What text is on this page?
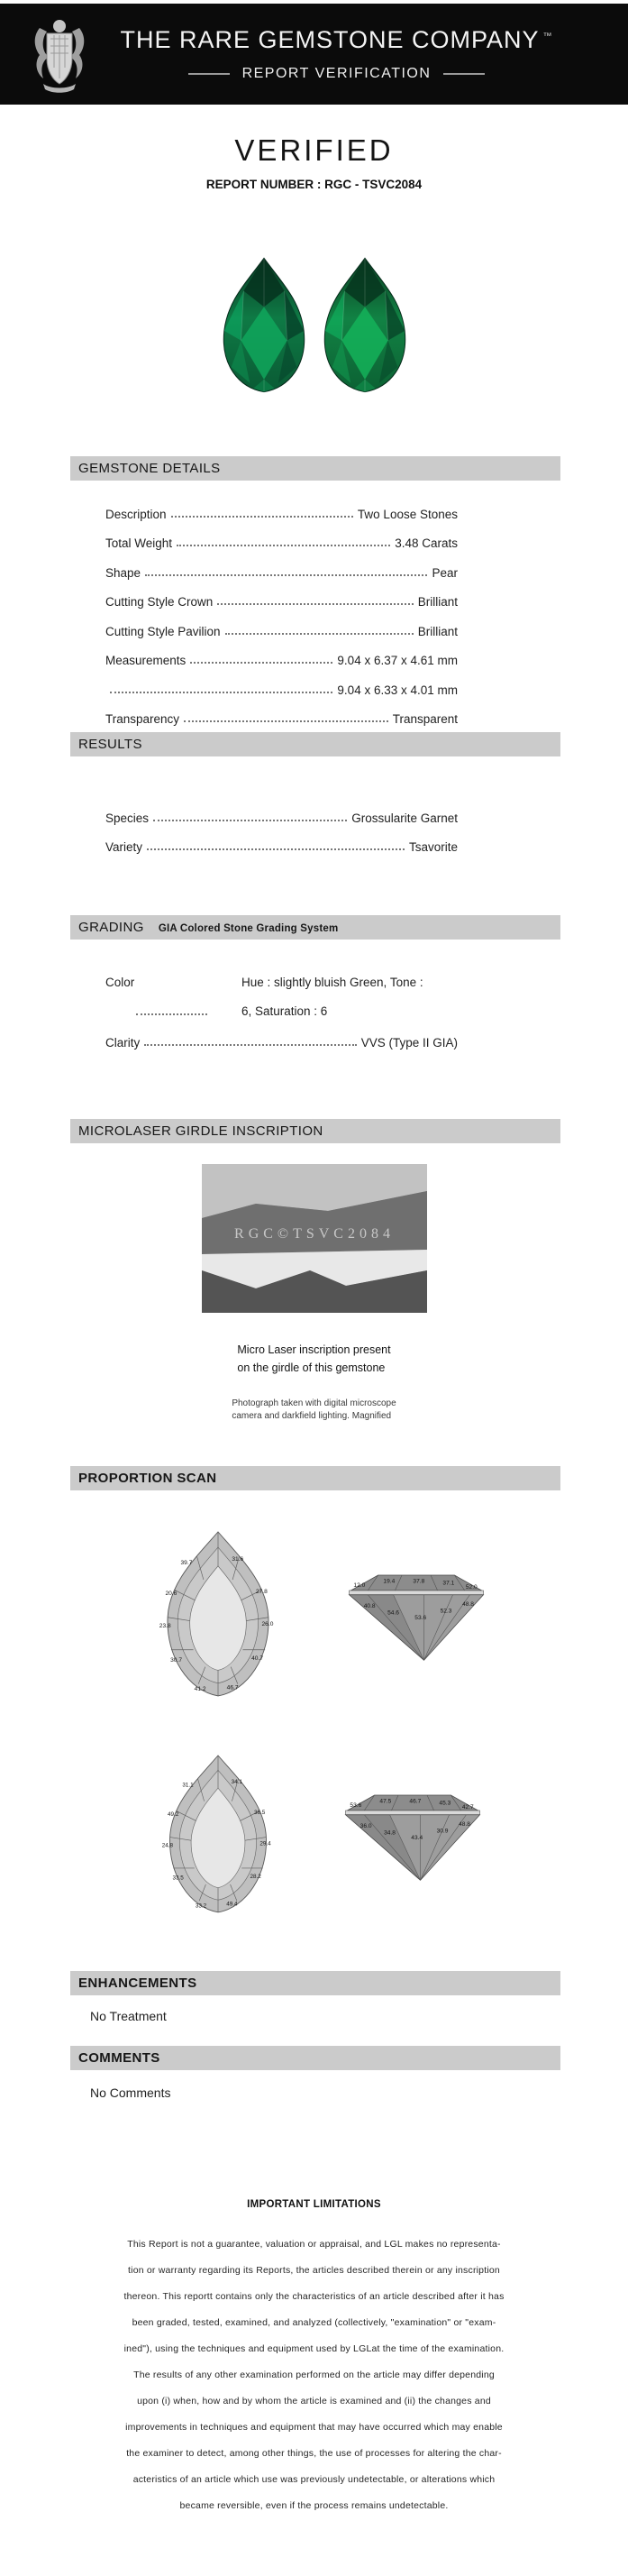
THE RARE GEMSTONE COMPANY ™
REPORT VERIFICATION
VERIFIED
REPORT NUMBER : RGC - TSVC2084
GEMSTONE DETAILS
Description	Two Loose Stones
Total Weight	3.48 Carats
Shape	Pear
Cutting Style Crown	Brilliant
Cutting Style Pavilion	Brilliant
Measurements	9.04 x 6.37 x 4.61 mm
9.04 x 6.33 x 4.01 mm
Transparency	Transparent
RESULTS
Species	Grossularite Garnet
Variety	Tsavorite
GRADING GIA Colored Stone Grading System
Color	Hue : slightly bluish Green, Tone :
6, Saturation : 6
Clarity	VVS (Type II GIA)
MICROLASER GIRDLE INSCRIPTION
RGC©TSVC2084
Micro Laser inscription present
on the girdle of this gemstone
Photograph taken with digital microscope
camera and darkfield lighting. Magnified
PROPORTION SCAN
39.7
31.6
20.6	27.8
23.8	26.0
30.7	40.7
41.2	46.7
12.0
19.4	37.8	37.1
52.0
40.8
54.6
53.6
52.3
48.8
31.1
34.1
49.2	36.5
24.8	29.4
33.5	28.2
33.2	49.4
53.6
47.5	46.7	45.3
42.7
36.0
34.8
43.4
30.9
48.8
ENHANCEMENTS
No Treatment
COMMENTS
No Comments
IMPORTANT LIMITATIONS
This Report is not a guarantee, valuation or appraisal, and LGL makes no representa-
tion or warranty regarding its Reports, the articles described therein or any inscription
thereon. This reportt contains only the characteristics of an article described after it has
been graded, tested, examined, and analyzed (collectively, "examination" or "exam-
ined"), using the techniques and equipment used by LGLat the time of the examination.
The results of any other examination performed on the article may differ depending
upon (i) when, how and by whom the article is examined and (ii) the changes and
improvements in techniques and equipment that may have occurred which may enable
the examiner to detect, among other things, the use of processes for altering the char-
acteristics of an article which use was previously undetectable, or alterations which
became reversible, even if the process remains undetectable.
